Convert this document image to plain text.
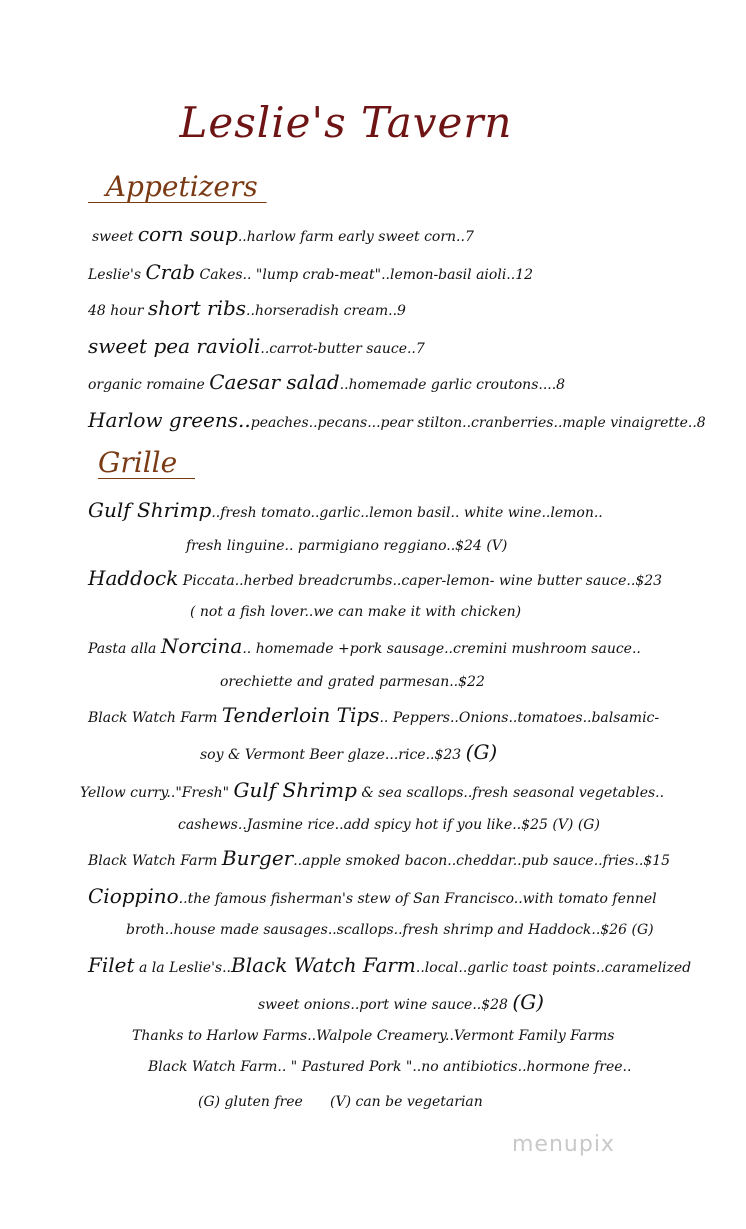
Leslie's Tavern
Appetizers
sweet corn soup..harlow farm early sweet corn..7
Leslie's Crab Cakes.. "lump crab-meat"..lemon-basil aioli..12
48 hour short ribs..horseradish cream..9
sweet pea ravioli..carrot-butter sauce..7
organic romaine Caesar salad..homemade garlic croutons....8
Harlow greens..peaches..pecans...pear stilton..cranberries..maple vinaigrette..8
Grille
Gulf Shrimp..fresh tomato..garlic..lemon basil.. white wine..lemon..
fresh linguine.. parmigiano reggiano..$24 (V)
Haddock Piccata..herbed breadcrumbs..caper-lemon- wine butter sauce..$23
( not a fish lover..we can make it with chicken)
Pasta alla Norcina.. homemade +pork sausage..cremini mushroom sauce..
orechiette and grated parmesan..$22
Black Watch Farm Tenderloin Tips.. Peppers..Onions..tomatoes..balsamic-
soy & Vermont Beer glaze...rice..$23 (G)
Yellow curry.."Fresh" Gulf Shrimp & sea scallops..fresh seasonal vegetables..
cashews..Jasmine rice..add spicy hot if you like..$25 (V) (G)
Black Watch Farm Burger..apple smoked bacon..cheddar..pub sauce..fries..$15
Cioppino..the famous fisherman's stew of San Francisco..with tomato fennel
broth..house made sausages..scallops..fresh shrimp and Haddock..$26 (G)
Filet a la Leslie's..Black Watch Farm..local..garlic toast points..caramelized
sweet onions..port wine sauce..$28 (G)
Thanks to Harlow Farms..Walpole Creamery..Vermont Family Farms
Black Watch Farm.. " Pastured Pork "..no antibiotics..hormone free..
(G) gluten free (V) can be vegetarian
menupix
